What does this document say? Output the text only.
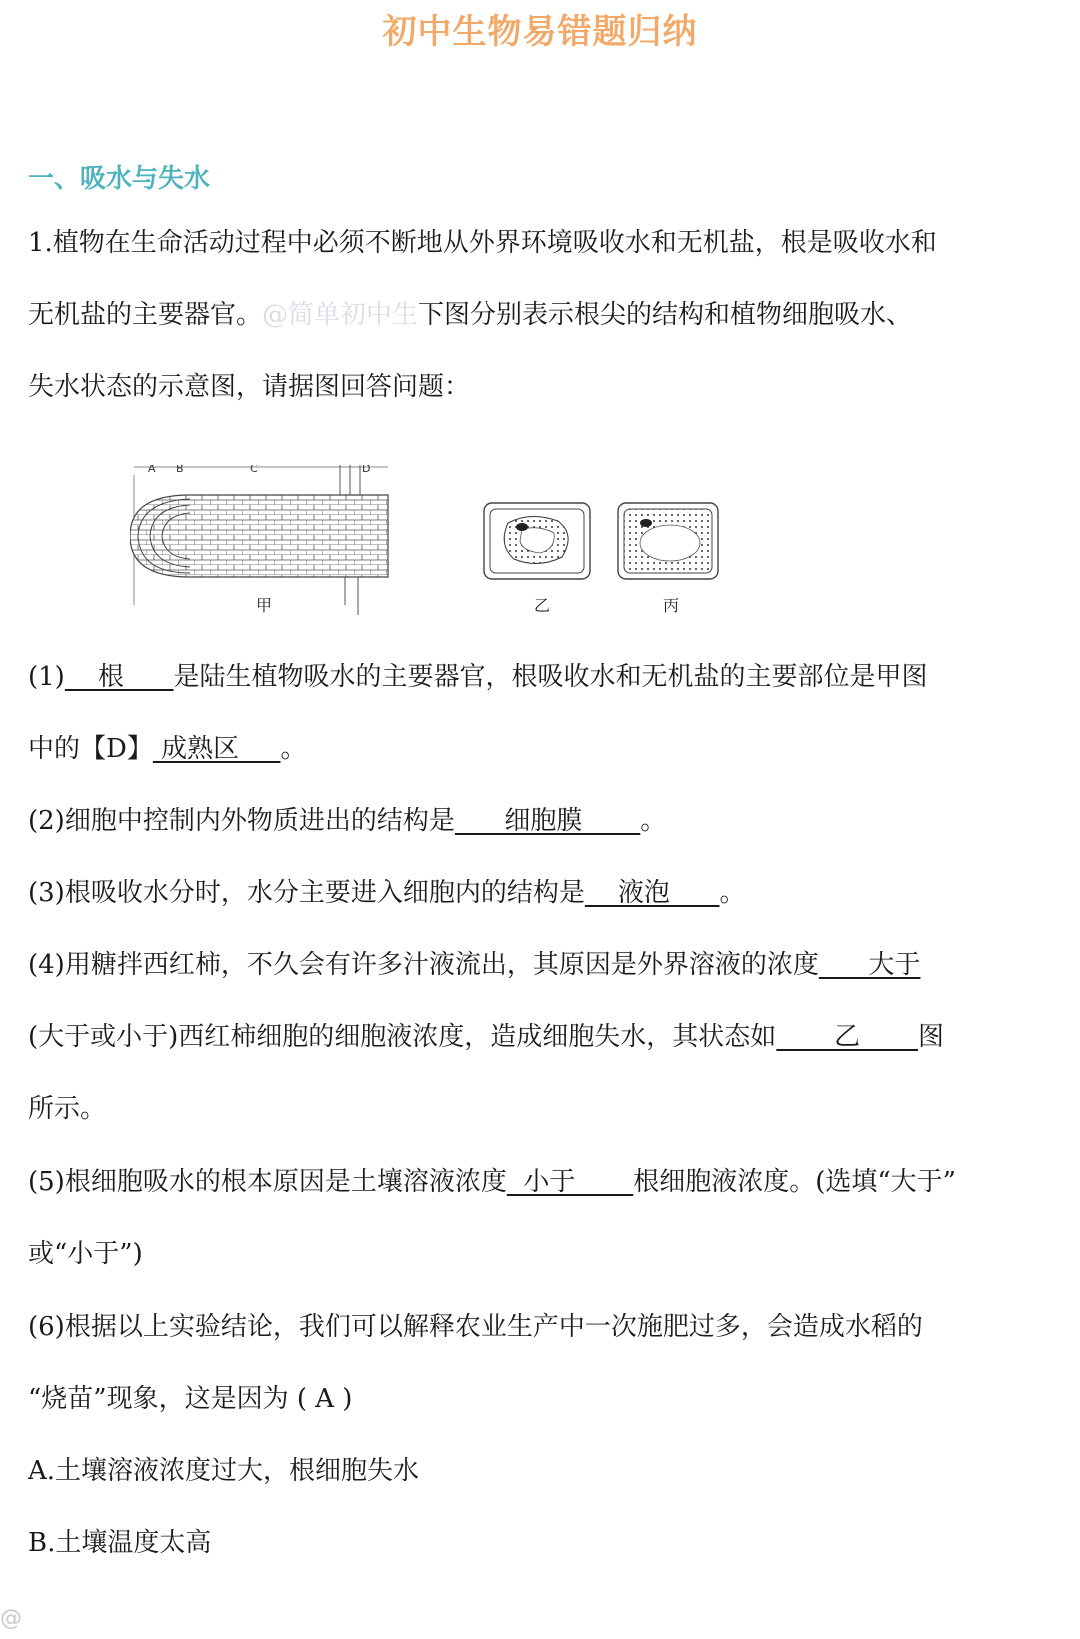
初中生物易错题归纳
一、吸水与失水
1.植物在生命活动过程中必须不断地从外界环境吸收水和无机盐，根是吸收水和
无机盐的主要器官。@简单初中生下图分别表示根尖的结构和植物细胞吸水、
失水状态的示意图，请据图回答问题：
A B	C	D
甲	乙	丙
(1)    根      是陆生植物吸水的主要器官，根吸收水和无机盐的主要部位是甲图
中的【D】 成熟区     。
(2)细胞中控制内外物质进出的结构是      细胞膜       。
(3)根吸收水分时，水分主要进入细胞内的结构是    液泡      。
(4)用糖拌西红柿，不久会有许多汁液流出，其原因是外界溶液的浓度      大于
(大于或小于)西红柿细胞的细胞液浓度，造成细胞失水，其状态如       乙       图
所示。
(5)根细胞吸水的根本原因是土壤溶液浓度  小于       根细胞液浓度。(选填“大于”
或“小于”)
(6)根据以上实验结论，我们可以解释农业生产中一次施肥过多，会造成水稻的
“烧苗”现象，这是因为 ( A )
A.土壤溶液浓度过大，根细胞失水
B.土壤温度太高
@
